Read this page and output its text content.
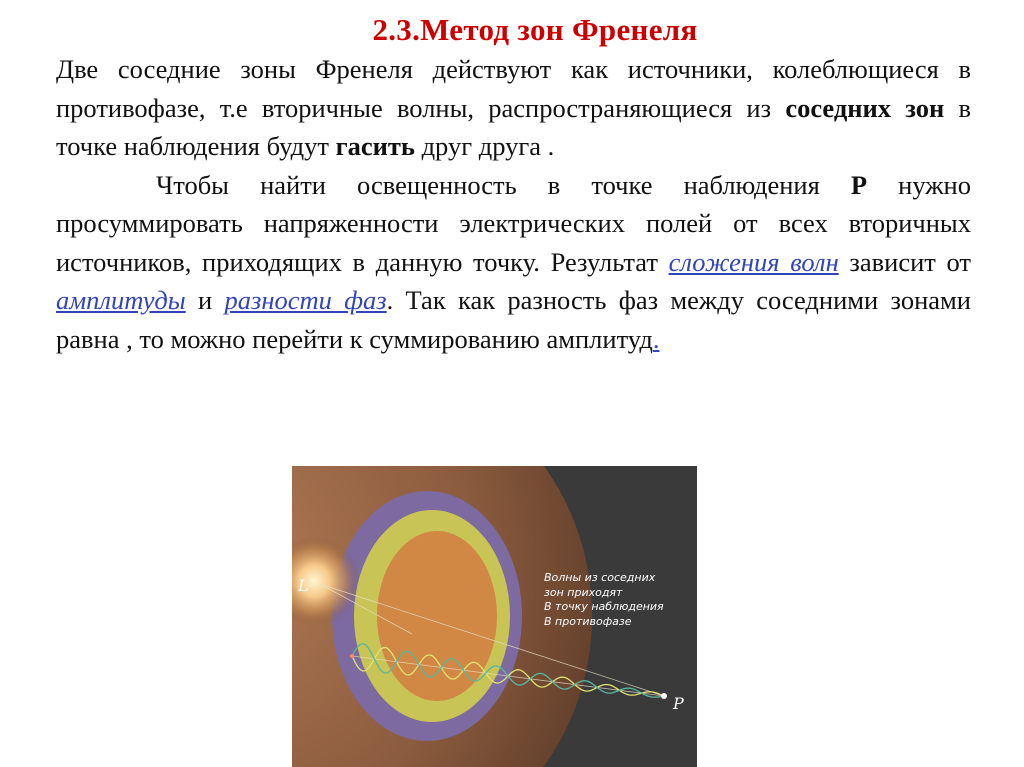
2.3.Метод зон Френеля

Две соседние зоны Френеля действуют как источники, колеблющиеся в противофазе, т.е вторичные волны, распространяющиеся из соседних зон в точке наблюдения будут гасить друг друга .

Чтобы найти освещенность в точке наблюдения P нужно просуммировать напряженности электрических полей от всех вторичных источников, приходящих в данную точку. Результат сложения волн зависит от амплитуды и разности фаз. Так как разность фаз между соседними зонами равна , то можно перейти к суммированию амплитуд.

L
P
Волны из соседних
зон приходят
В точку наблюдения
В противофазе
